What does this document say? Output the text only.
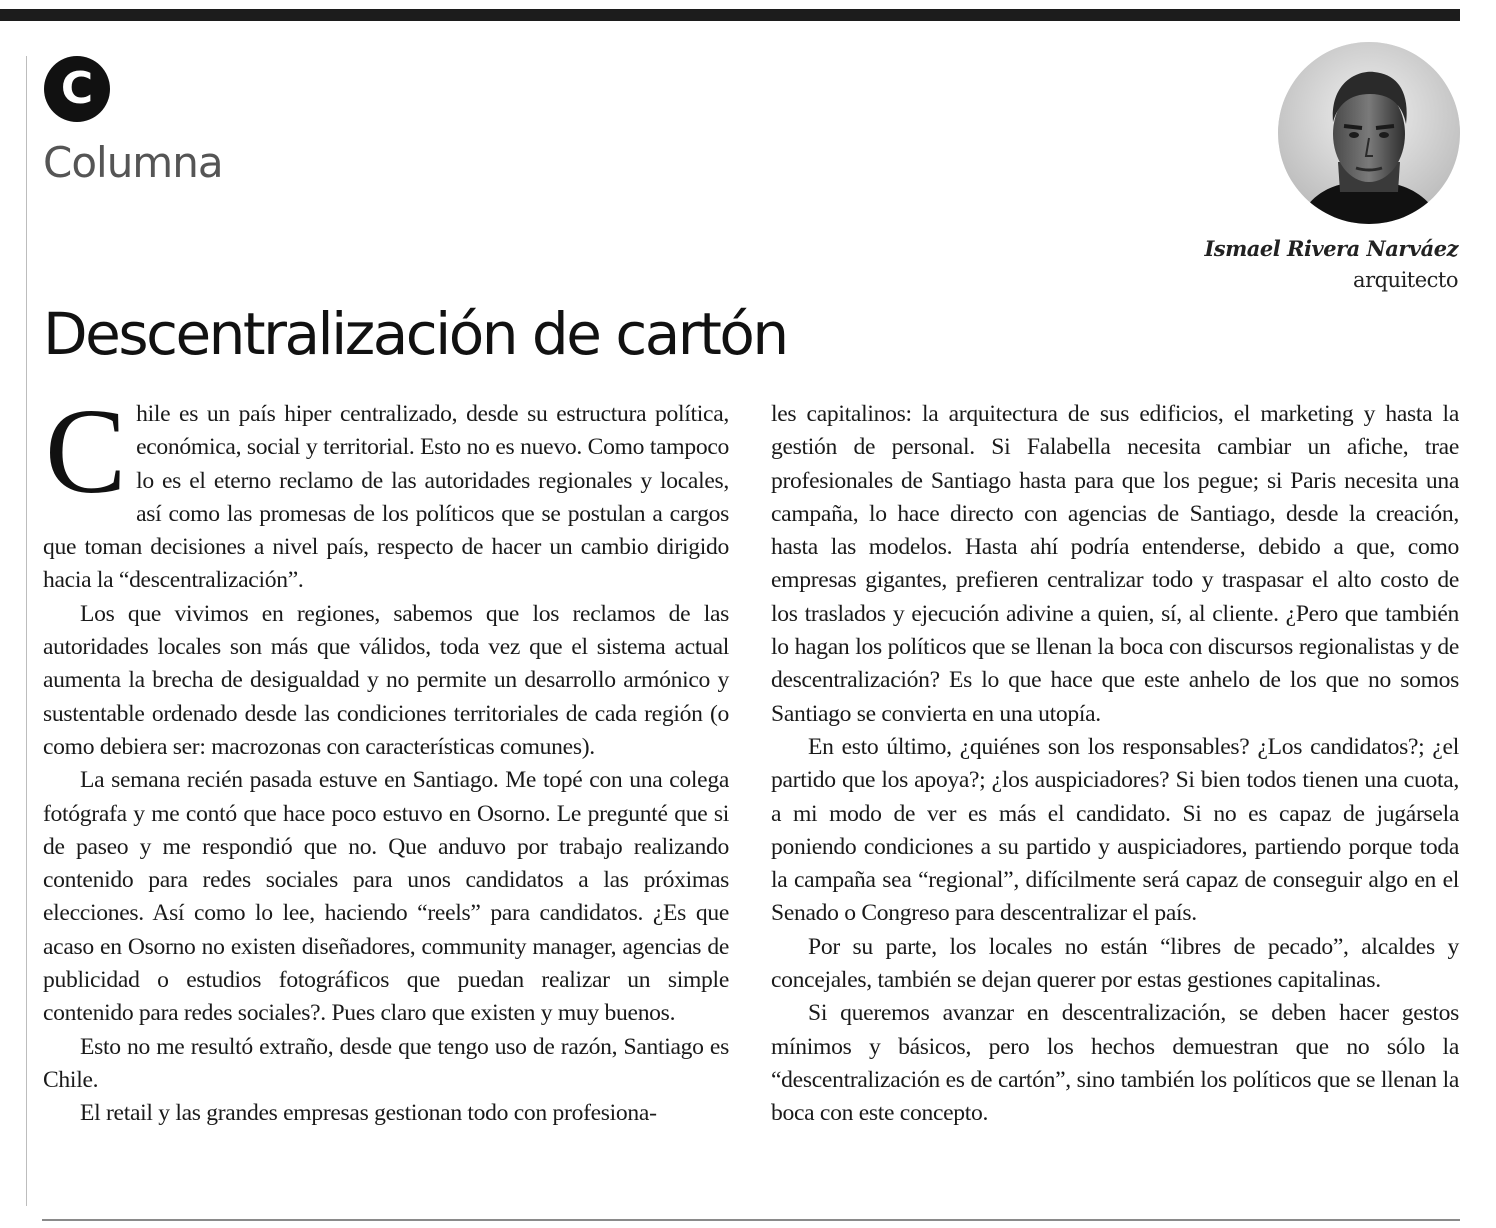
C
Columna
Ismael Rivera Narváez
arquitecto
Descentralización de cartón

Chile es un país hiper centralizado, desde su estructura política, económica, social y territorial. Esto no es nuevo. Como tampoco lo es el eterno reclamo de las autoridades regionales y locales, así como las promesas de los políticos que se postulan a cargos que toman decisiones a nivel país, respecto de hacer un cambio dirigido hacia la “descentralización”.

Los que vivimos en regiones, sabemos que los reclamos de las autoridades locales son más que válidos, toda vez que el sistema actual aumenta la brecha de desigualdad y no permite un desarrollo armónico y sustentable ordenado desde las condiciones territoriales de cada región (o como debiera ser: macrozonas con características comunes).

La semana recién pasada estuve en Santiago. Me topé con una colega fotógrafa y me contó que hace poco estuvo en Osorno. Le pregunté que si de paseo y me respondió que no. Que anduvo por trabajo realizando contenido para redes sociales para unos candidatos a las próximas elecciones. Así como lo lee, haciendo “reels” para candidatos. ¿Es que acaso en Osorno no existen diseñadores, community manager, agencias de publicidad o estudios fotográficos que puedan realizar un simple contenido para redes sociales?. Pues claro que existen y muy buenos.

Esto no me resultó extraño, desde que tengo uso de razón, Santiago es Chile.

El retail y las grandes empresas gestionan todo con profesiona-

les capitalinos: la arquitectura de sus edificios, el marketing y hasta la gestión de personal. Si Falabella necesita cambiar un afiche, trae profesionales de Santiago hasta para que los pegue; si Paris necesita una campaña, lo hace directo con agencias de Santiago, desde la creación, hasta las modelos. Hasta ahí podría entenderse, debido a que, como empresas gigantes, prefieren centralizar todo y traspasar el alto costo de los traslados y ejecución adivine a quien, sí, al cliente. ¿Pero que también lo hagan los políticos que se llenan la boca con discursos regionalistas y de descentralización? Es lo que hace que este anhelo de los que no somos Santiago se convierta en una utopía.

En esto último, ¿quiénes son los responsables? ¿Los candidatos?; ¿el partido que los apoya?; ¿los auspiciadores? Si bien todos tienen una cuota, a mi modo de ver es más el candidato. Si no es capaz de jugársela poniendo condiciones a su partido y auspiciadores, partiendo porque toda la campaña sea “regional”, difícilmente será capaz de conseguir algo en el Senado o Congreso para descentralizar el país.

Por su parte, los locales no están “libres de pecado”, alcaldes y concejales, también se dejan querer por estas gestiones capitalinas.

Si queremos avanzar en descentralización, se deben hacer gestos mínimos y básicos, pero los hechos demuestran que no sólo la “descentralización es de cartón”, sino también los políticos que se llenan la boca con este concepto.
